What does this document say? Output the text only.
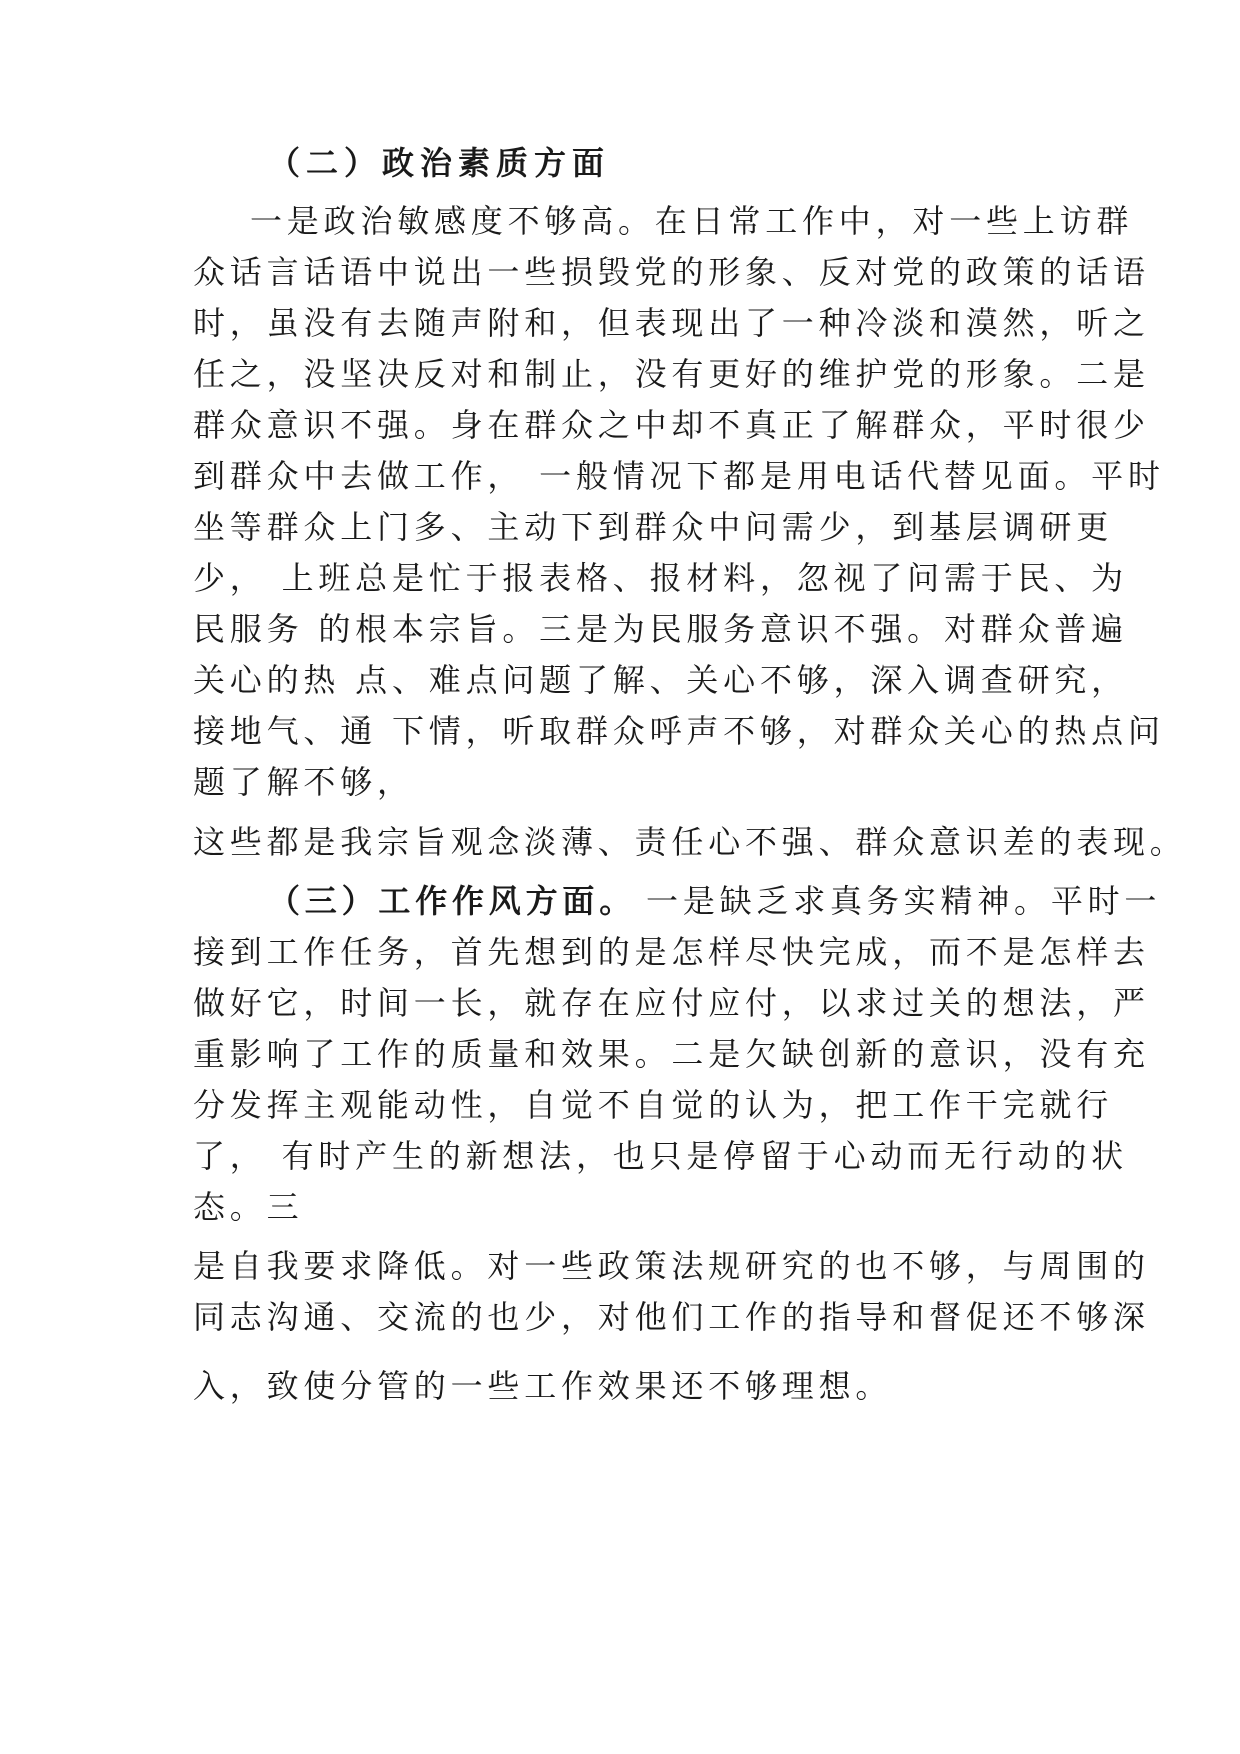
（二）政治素质方面
一是政治敏感度不够高。在日常工作中，对一些上访群
众话言话语中说出一些损毁党的形象、反对党的政策的话语
时，虽没有去随声附和，但表现出了一种冷淡和漠然，听之
任之，没坚决反对和制止，没有更好的维护党的形象。二是
群众意识不强。身在群众之中却不真正了解群众，平时很少
到群众中去做工作， 一般情况下都是用电话代替见面。平时
坐等群众上门多、主动下到群众中问需少，到基层调研更
少， 上班总是忙于报表格、报材料，忽视了问需于民、为
民服务 的根本宗旨。三是为民服务意识不强。对群众普遍
关心的热 点、难点问题了解、关心不够，深入调查研究，
接地气、通 下情，听取群众呼声不够，对群众关心的热点问
题了解不够，
这些都是我宗旨观念淡薄、责任心不强、群众意识差的表现。
（三）工作作风方面。 一是缺乏求真务实精神。平时一
接到工作任务，首先想到的是怎样尽快完成，而不是怎样去
做好它，时间一长，就存在应付应付，以求过关的想法，严
重影响了工作的质量和效果。二是欠缺创新的意识，没有充
分发挥主观能动性，自觉不自觉的认为，把工作干完就行
了， 有时产生的新想法，也只是停留于心动而无行动的状
态。三
是自我要求降低。对一些政策法规研究的也不够，与周围的
同志沟通、交流的也少，对他们工作的指导和督促还不够深
入，致使分管的一些工作效果还不够理想。
